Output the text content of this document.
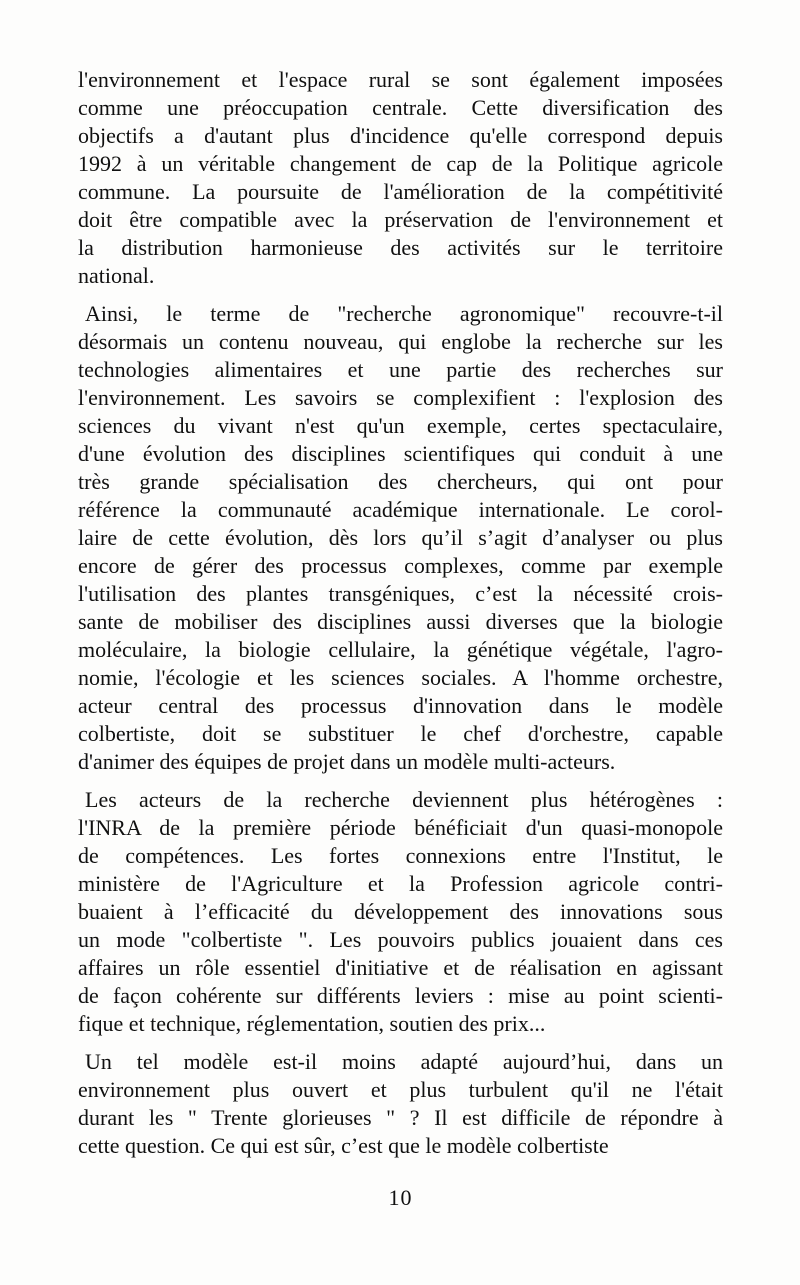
l'environnement et l'espace rural se sont également imposées
comme une préoccupation centrale. Cette diversification des
objectifs a d'autant plus d'incidence qu'elle correspond depuis
1992 à un véritable changement de cap de la Politique agricole
commune. La poursuite de l'amélioration de la compétitivité
doit être compatible avec la préservation de l'environnement et
la distribution harmonieuse des activités sur le territoire
national.
Ainsi, le terme de "recherche agronomique" recouvre-t-il
désormais un contenu nouveau, qui englobe la recherche sur les
technologies alimentaires et une partie des recherches sur
l'environnement. Les savoirs se complexifient : l'explosion des
sciences du vivant n'est qu'un exemple, certes spectaculaire,
d'une évolution des disciplines scientifiques qui conduit à une
très grande spécialisation des chercheurs, qui ont pour
référence la communauté académique internationale. Le corol-
laire de cette évolution, dès lors qu’il s’agit d’analyser ou plus
encore de gérer des processus complexes, comme par exemple
l'utilisation des plantes transgéniques, c’est la nécessité crois-
sante de mobiliser des disciplines aussi diverses que la biologie
moléculaire, la biologie cellulaire, la génétique végétale, l'agro-
nomie, l'écologie et les sciences sociales. A l'homme orchestre,
acteur central des processus d'innovation dans le modèle
colbertiste, doit se substituer le chef d'orchestre, capable
d'animer des équipes de projet dans un modèle multi-acteurs.
Les acteurs de la recherche deviennent plus hétérogènes :
l'INRA de la première période bénéficiait d'un quasi-monopole
de compétences. Les fortes connexions entre l'Institut, le
ministère de l'Agriculture et la Profession agricole contri-
buaient à l’efficacité du développement des innovations sous
un mode "colbertiste ". Les pouvoirs publics jouaient dans ces
affaires un rôle essentiel d'initiative et de réalisation en agissant
de façon cohérente sur différents leviers : mise au point scienti-
fique et technique, réglementation, soutien des prix...
Un tel modèle est-il moins adapté aujourd’hui, dans un
environnement plus ouvert et plus turbulent qu'il ne l'était
durant les " Trente glorieuses " ? Il est difficile de répondre à
cette question. Ce qui est sûr, c’est que le modèle colbertiste
10
